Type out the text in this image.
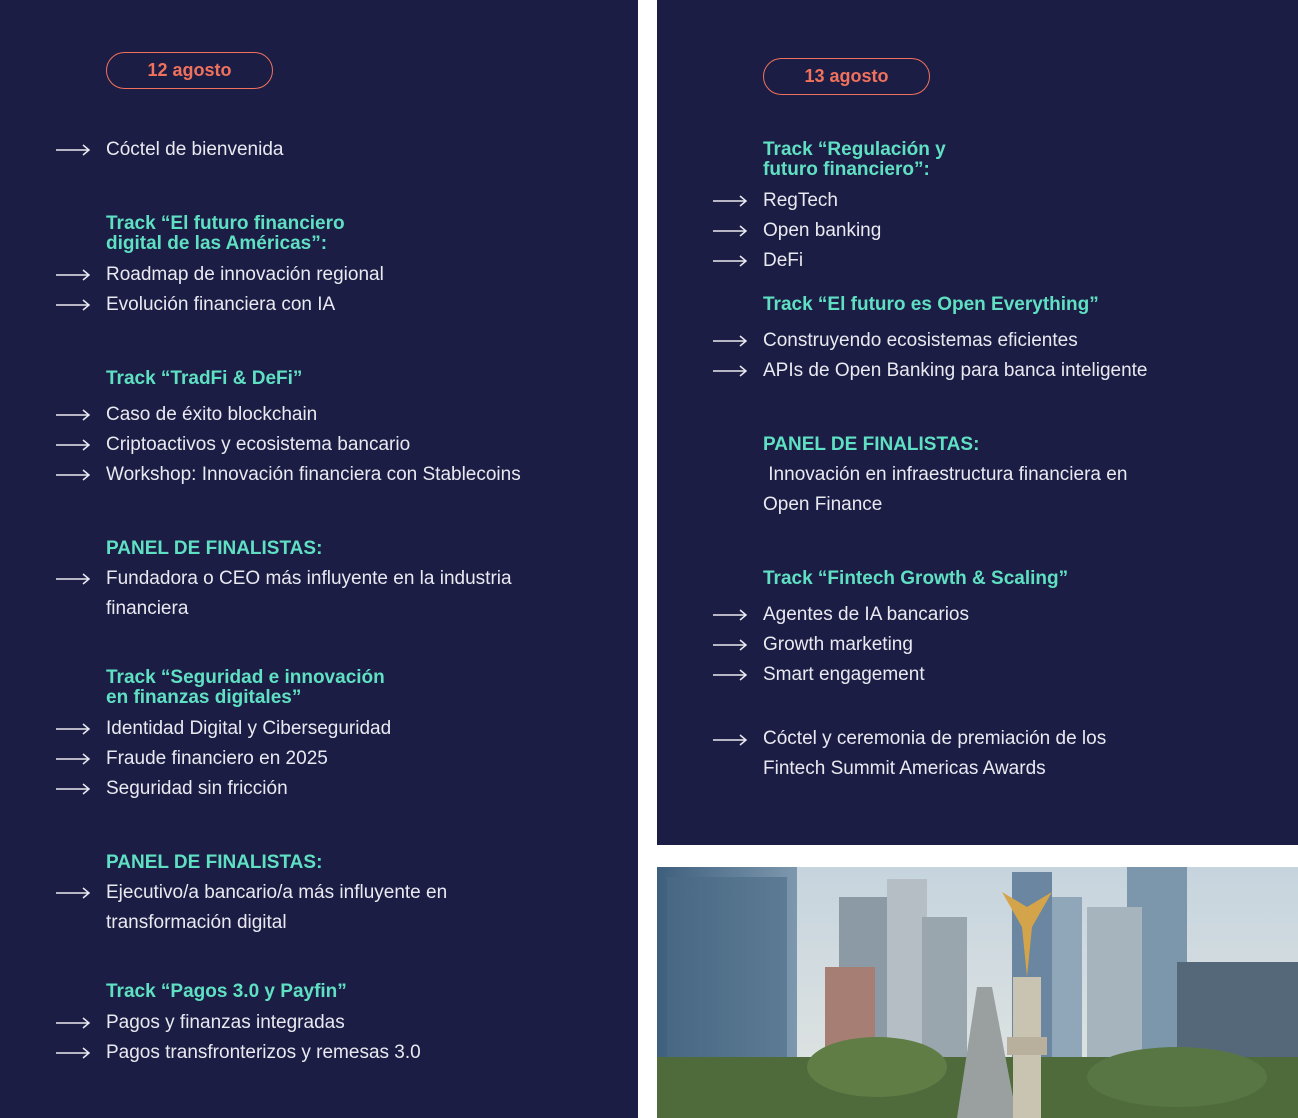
12 agosto
Cóctel de bienvenida
Track “El futuro financiero
digital de las Américas”:
Roadmap de innovación regional
Evolución financiera con IA
Track “TradFi & DeFi”
Caso de éxito blockchain
Criptoactivos y ecosistema bancario
Workshop: Innovación financiera con Stablecoins
PANEL DE FINALISTAS:
Fundadora o CEO más influyente en la industria
financiera
Track “Seguridad e innovación
en finanzas digitales”
Identidad Digital y Ciberseguridad
Fraude financiero en 2025
Seguridad sin fricción
PANEL DE FINALISTAS:
Ejecutivo/a bancario/a más influyente en
transformación digital
Track “Pagos 3.0 y Payfin”
Pagos y finanzas integradas
Pagos transfronterizos y remesas 3.0
13 agosto
Track “Regulación y
futuro financiero”:
RegTech
Open banking
DeFi
Track “El futuro es Open Everything”
Construyendo ecosistemas eficientes
APIs de Open Banking para banca inteligente
PANEL DE FINALISTAS:
Innovación en infraestructura financiera en
Open Finance
Track “Fintech Growth & Scaling”
Agentes de IA bancarios
Growth marketing
Smart engagement
Cóctel y ceremonia de premiación de los
Fintech Summit Americas Awards
